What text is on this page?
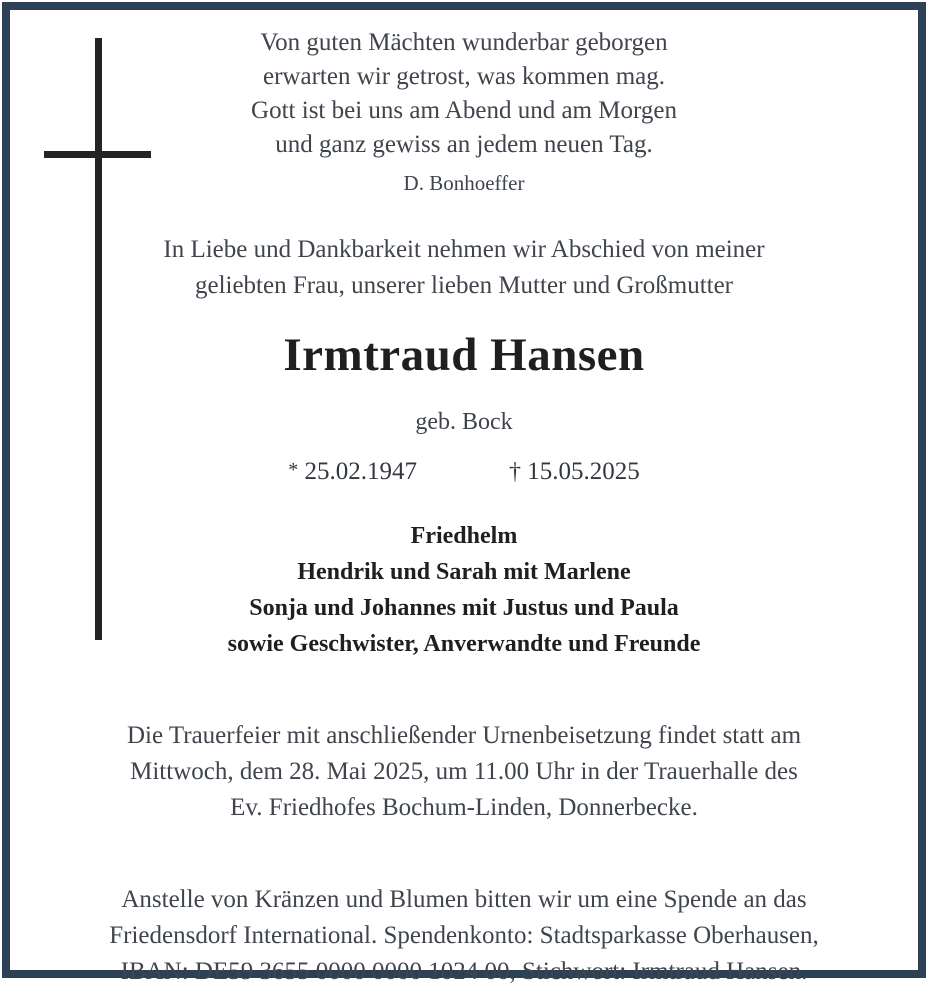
Von guten Mächten wunderbar geborgen
erwarten wir getrost, was kommen mag.
Gott ist bei uns am Abend und am Morgen
und ganz gewiss an jedem neuen Tag.
D. Bonhoeffer
In Liebe und Dankbarkeit nehmen wir Abschied von meiner
geliebten Frau, unserer lieben Mutter und Großmutter
Irmtraud Hansen
geb. Bock
* 25.02.1947	† 15.05.2025
Friedhelm
Hendrik und Sarah mit Marlene
Sonja und Johannes mit Justus und Paula
sowie Geschwister, Anverwandte und Freunde
Die Trauerfeier mit anschließender Urnenbeisetzung findet statt am
Mittwoch, dem 28. Mai 2025, um 11.00 Uhr in der Trauerhalle des
Ev. Friedhofes Bochum-Linden, Donnerbecke.
Anstelle von Kränzen und Blumen bitten wir um eine Spende an das
Friedensdorf International. Spendenkonto: Stadtsparkasse Oberhausen,
IBAN: DE59 3655 0000 0000 1024 00, Stichwort: Irmtraud Hansen.
